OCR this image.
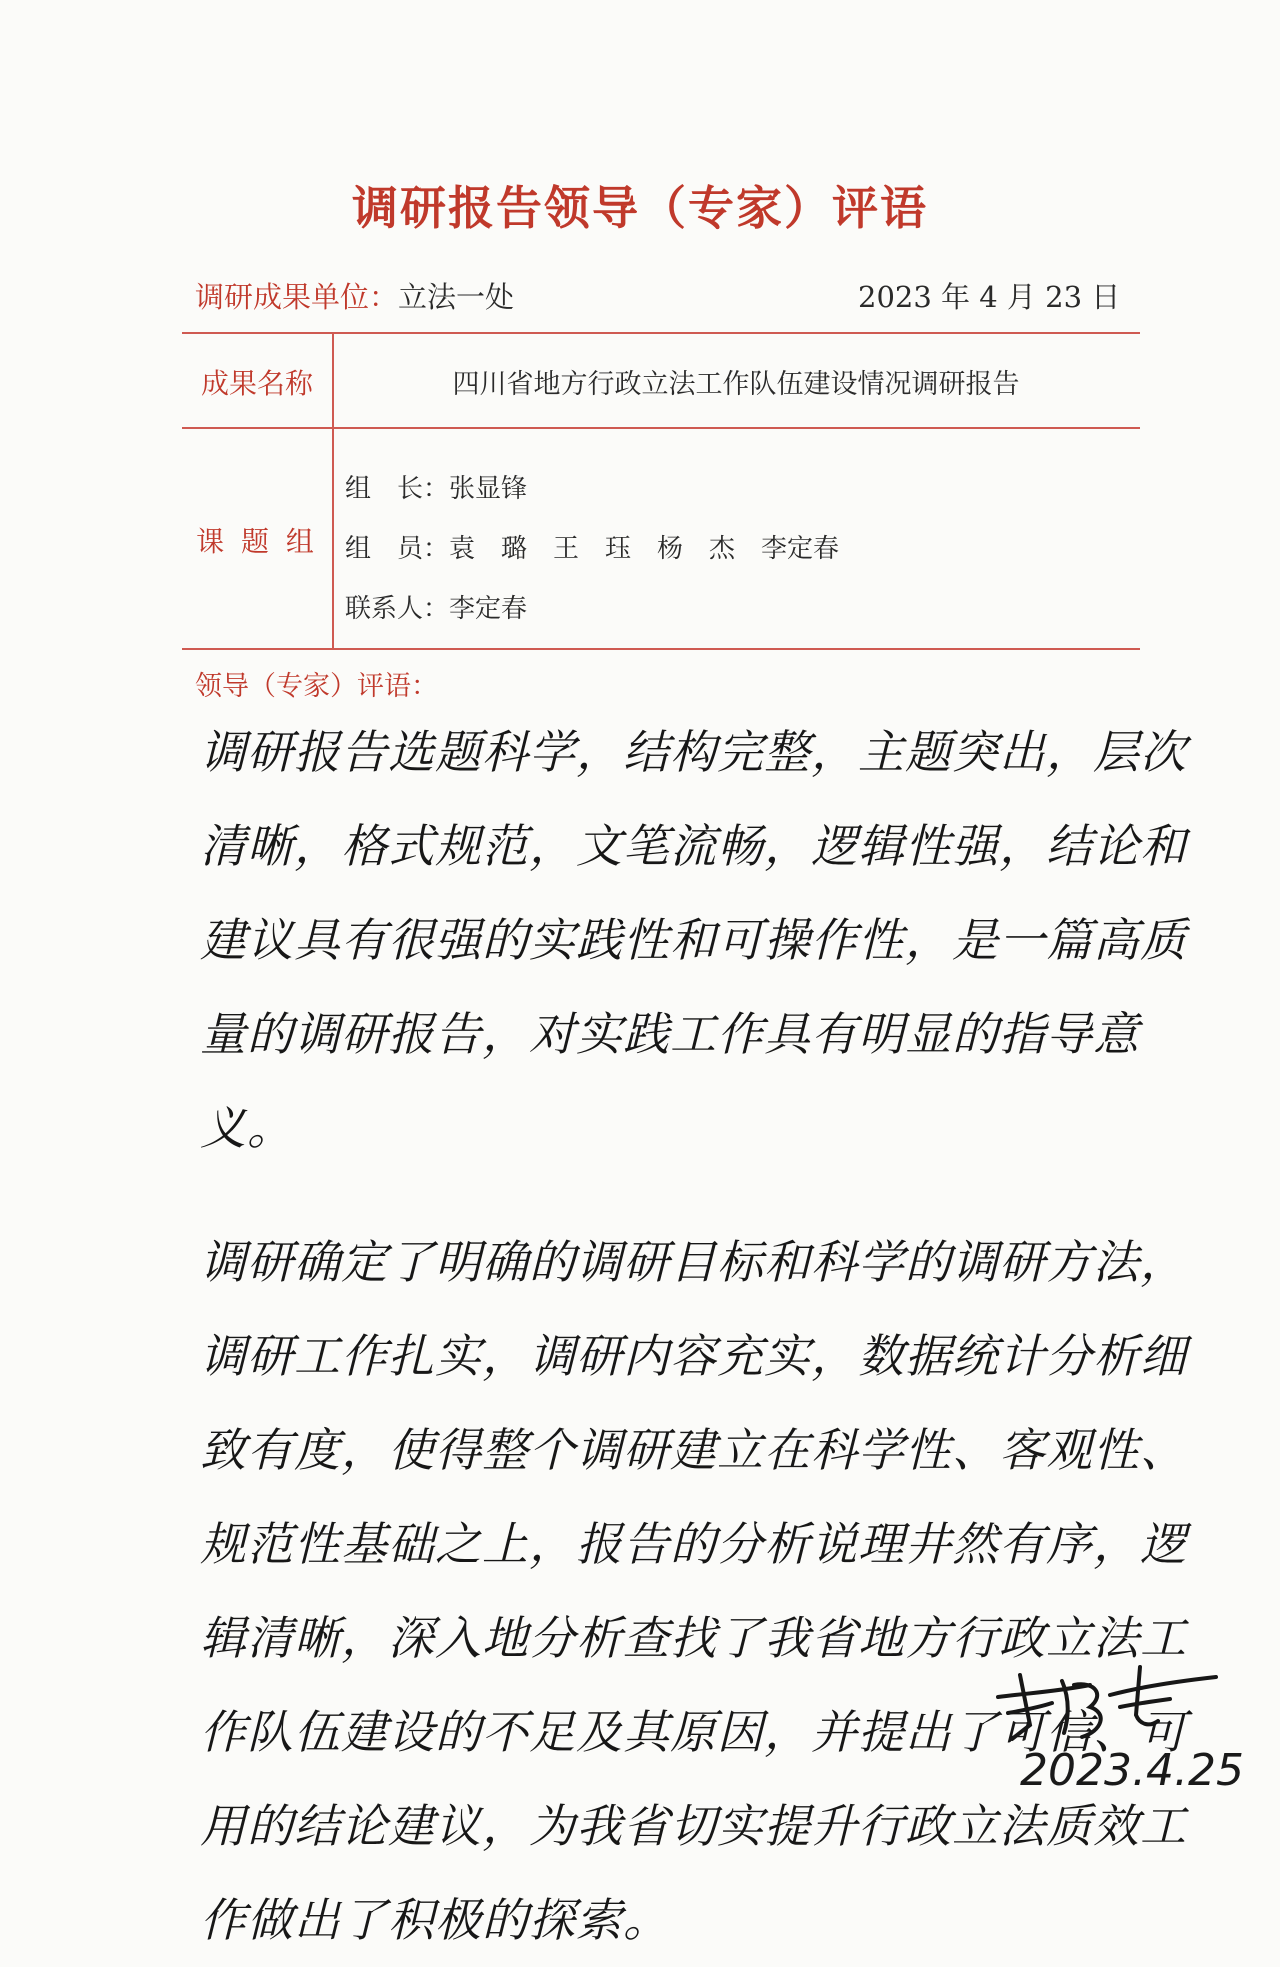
调研报告领导（专家）评语
调研成果单位：立法一处	2023 年 4 月 23 日
成果名称	四川省地方行政立法工作队伍建设情况调研报告
课 题 组
组　长：张显锋
组　员：袁　璐　王　珏　杨　杰　李定春
联系人：李定春
领导（专家）评语：

调研报告选题科学，结构完整，主题突出，层次清晰，格式规范，文笔流畅，逻辑性强，结论和建议具有很强的实践性和可操作性，是一篇高质量的调研报告，对实践工作具有明显的指导意义。

调研确定了明确的调研目标和科学的调研方法，调研工作扎实，调研内容充实，数据统计分析细致有度，使得整个调研建立在科学性、客观性、规范性基础之上，报告的分析说理井然有序，逻辑清晰，深入地分析查找了我省地方行政立法工作队伍建设的不足及其原因，并提出了可信、可用的结论建议，为我省切实提升行政立法质效工作做出了积极的探索。

2023.4.25
